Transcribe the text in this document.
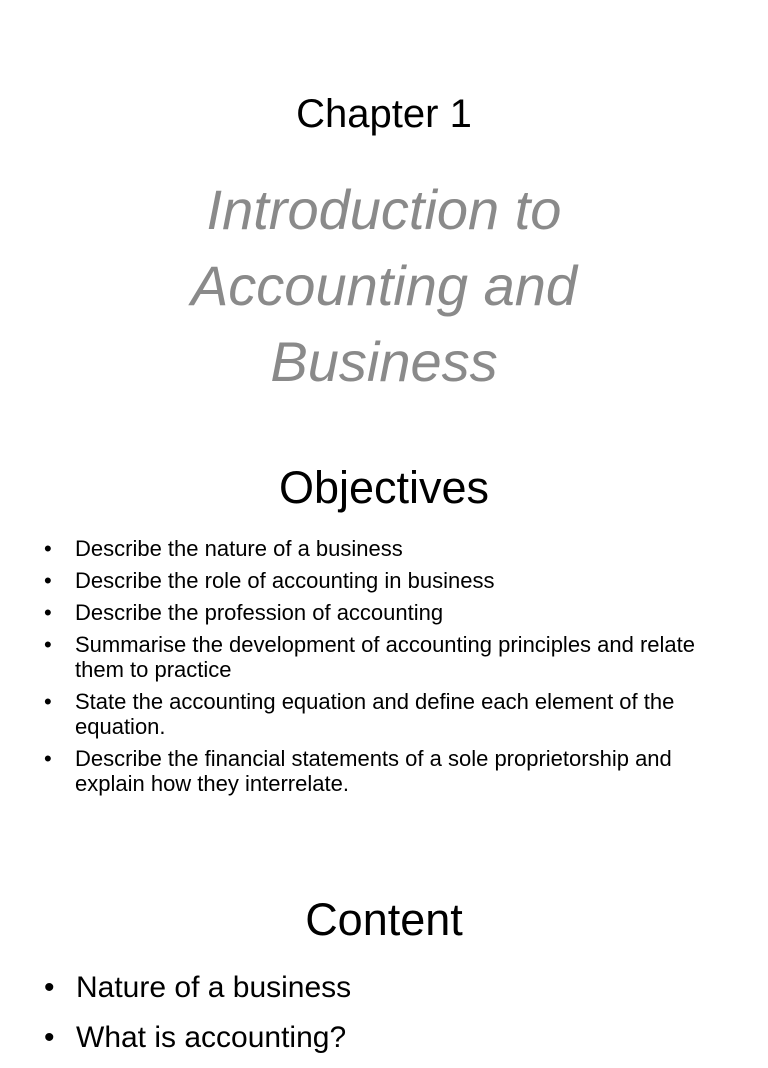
Chapter 1
Introduction to
Accounting and
Business
Objectives
• Describe the nature of a business
• Describe the role of accounting in business
• Describe the profession of accounting
• Summarise the development of accounting principles and relate them to practice
• State the accounting equation and define each element of the equation.
• Describe the financial statements of a sole proprietorship and explain how they interrelate.
Content
• Nature of a business
• What is accounting?
